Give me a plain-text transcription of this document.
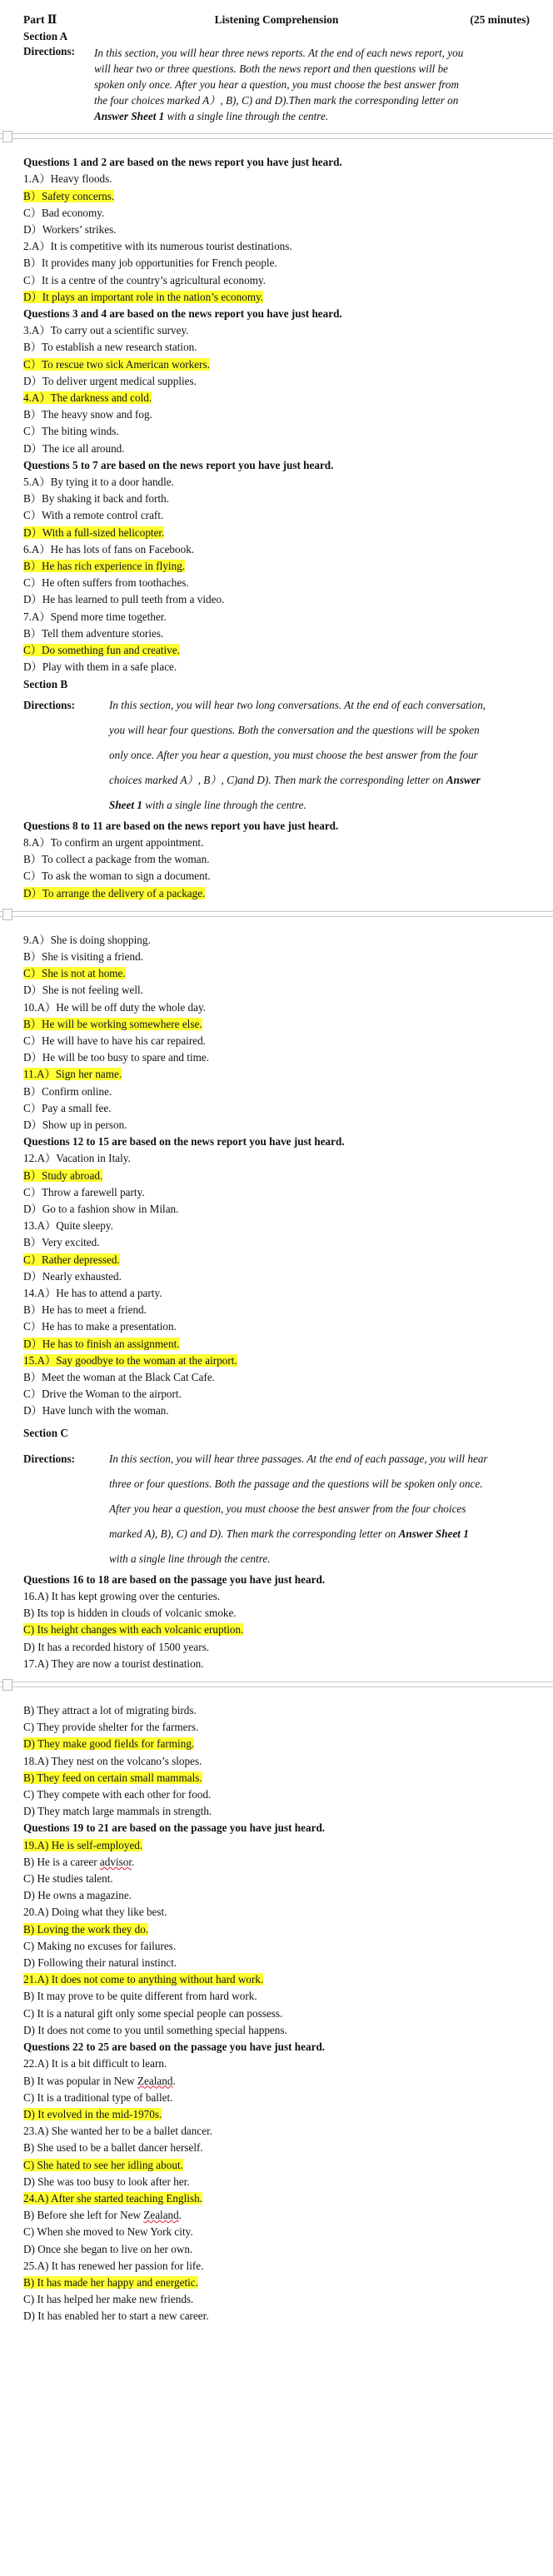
Part Ⅱ	Listening Comprehension	(25 minutes)
Section A
Directions:	In this section, you will hear three news reports. At the end of each news report, you
will hear two or three questions. Both the news report and then questions will be
spoken only once. After you hear a question, you must choose the best answer from
the four choices marked A）, B), C) and D).Then mark the corresponding letter on
Answer Sheet 1 with a single line through the centre.
Questions 1 and 2 are based on the news report you have just heard.
1.A）Heavy floods.
B）Safety concerns.
C）Bad economy.
D）Workers’ strikes.
2.A）It is competitive with its numerous tourist destinations.
B）It provides many job opportunities for French people.
C）It is a centre of the country’s agricultural economy.
D）It plays an important role in the nation’s economy.
Questions 3 and 4 are based on the news report you have just heard.
3.A）To carry out a scientific survey.
B）To establish a new research station.
C）To rescue two sick American workers.
D）To deliver urgent medical supplies.
4.A）The darkness and cold.
B）The heavy snow and fog.
C）The biting winds.
D）The ice all around.
Questions 5 to 7 are based on the news report you have just heard.
5.A）By tying it to a door handle.
B）By shaking it back and forth.
C）With a remote control craft.
D）With a full-sized helicopter.
6.A）He has lots of fans on Facebook.
B）He has rich experience in flying.
C）He often suffers from toothaches.
D）He has learned to pull teeth from a video.
7.A）Spend more time together.
B）Tell them adventure stories.
C）Do something fun and creative.
D）Play with them in a safe place.
Section B
Directions:	In this section, you will hear two long conversations. At the end of each conversation,
you will hear four questions. Both the conversation and the questions will be spoken
only once. After you hear a question, you must choose the best answer from the four
choices marked A）, B）, C)and D). Then mark the corresponding letter on Answer
Sheet 1 with a single line through the centre.
Questions 8 to 11 are based on the news report you have just heard.
8.A）To confirm an urgent appointment.
B）To collect a package from the woman.
C）To ask the woman to sign a document.
D）To arrange the delivery of a package.
9.A）She is doing shopping.
B）She is visiting a friend.
C）She is not at home.
D）She is not feeling well.
10.A）He will be off duty the whole day.
B）He will be working somewhere else.
C）He will have to have his car repaired.
D）He will be too busy to spare and time.
11.A）Sign her name.
B）Confirm online.
C）Pay a small fee.
D）Show up in person.
Questions 12 to 15 are based on the news report you have just heard.
12.A）Vacation in Italy.
B）Study abroad.
C）Throw a farewell party.
D）Go to a fashion show in Milan.
13.A）Quite sleepy.
B）Very excited.
C）Rather depressed.
D）Nearly exhausted.
14.A）He has to attend a party.
B）He has to meet a friend.
C）He has to make a presentation.
D）He has to finish an assignment.
15.A）Say goodbye to the woman at the airport.
B）Meet the woman at the Black Cat Cafe.
C）Drive the Woman to the airport.
D）Have lunch with the woman.
Section C
Directions:	In this section, you will hear three passages. At the end of each passage, you will hear
three or four questions. Both the passage and the questions will be spoken only once.
After you hear a question, you must choose the best answer from the four choices
marked A), B), C) and D). Then mark the corresponding letter on Answer Sheet 1
with a single line through the centre.
Questions 16 to 18 are based on the passage you have just heard.
16.A) It has kept growing over the centuries.
B) Its top is hidden in clouds of volcanic smoke.
C) Its height changes with each volcanic eruption.
D) It has a recorded history of 1500 years.
17.A) They are now a tourist destination.
B) They attract a lot of migrating birds.
C) They provide shelter for the farmers.
D) They make good fields for farming.
18.A) They nest on the volcano’s slopes.
B) They feed on certain small mammals.
C) They compete with each other for food.
D) They match large mammals in strength.
Questions 19 to 21 are based on the passage you have just heard.
19.A) He is self-employed.
B) He is a career advisor.
C) He studies talent.
D) He owns a magazine.
20.A) Doing what they like best.
B) Loving the work they do.
C) Making no excuses for failures.
D) Following their natural instinct.
21.A) It does not come to anything without hard work.
B) It may prove to be quite different from hard work.
C) It is a natural gift only some special people can possess.
D) It does not come to you until something special happens.
Questions 22 to 25 are based on the passage you have just heard.
22.A) It is a bit difficult to learn.
B) It was popular in New Zealand.
C) It is a traditional type of ballet.
D) It evolved in the mid-1970s.
23.A) She wanted her to be a ballet dancer.
B) She used to be a ballet dancer herself.
C) She hated to see her idling about.
D) She was too busy to look after her.
24.A) After she started teaching English.
B) Before she left for New Zealand.
C) When she moved to New York city.
D) Once she began to live on her own.
25.A) It has renewed her passion for life.
B) It has made her happy and energetic.
C) It has helped her make new friends.
D) It has enabled her to start a new career.
